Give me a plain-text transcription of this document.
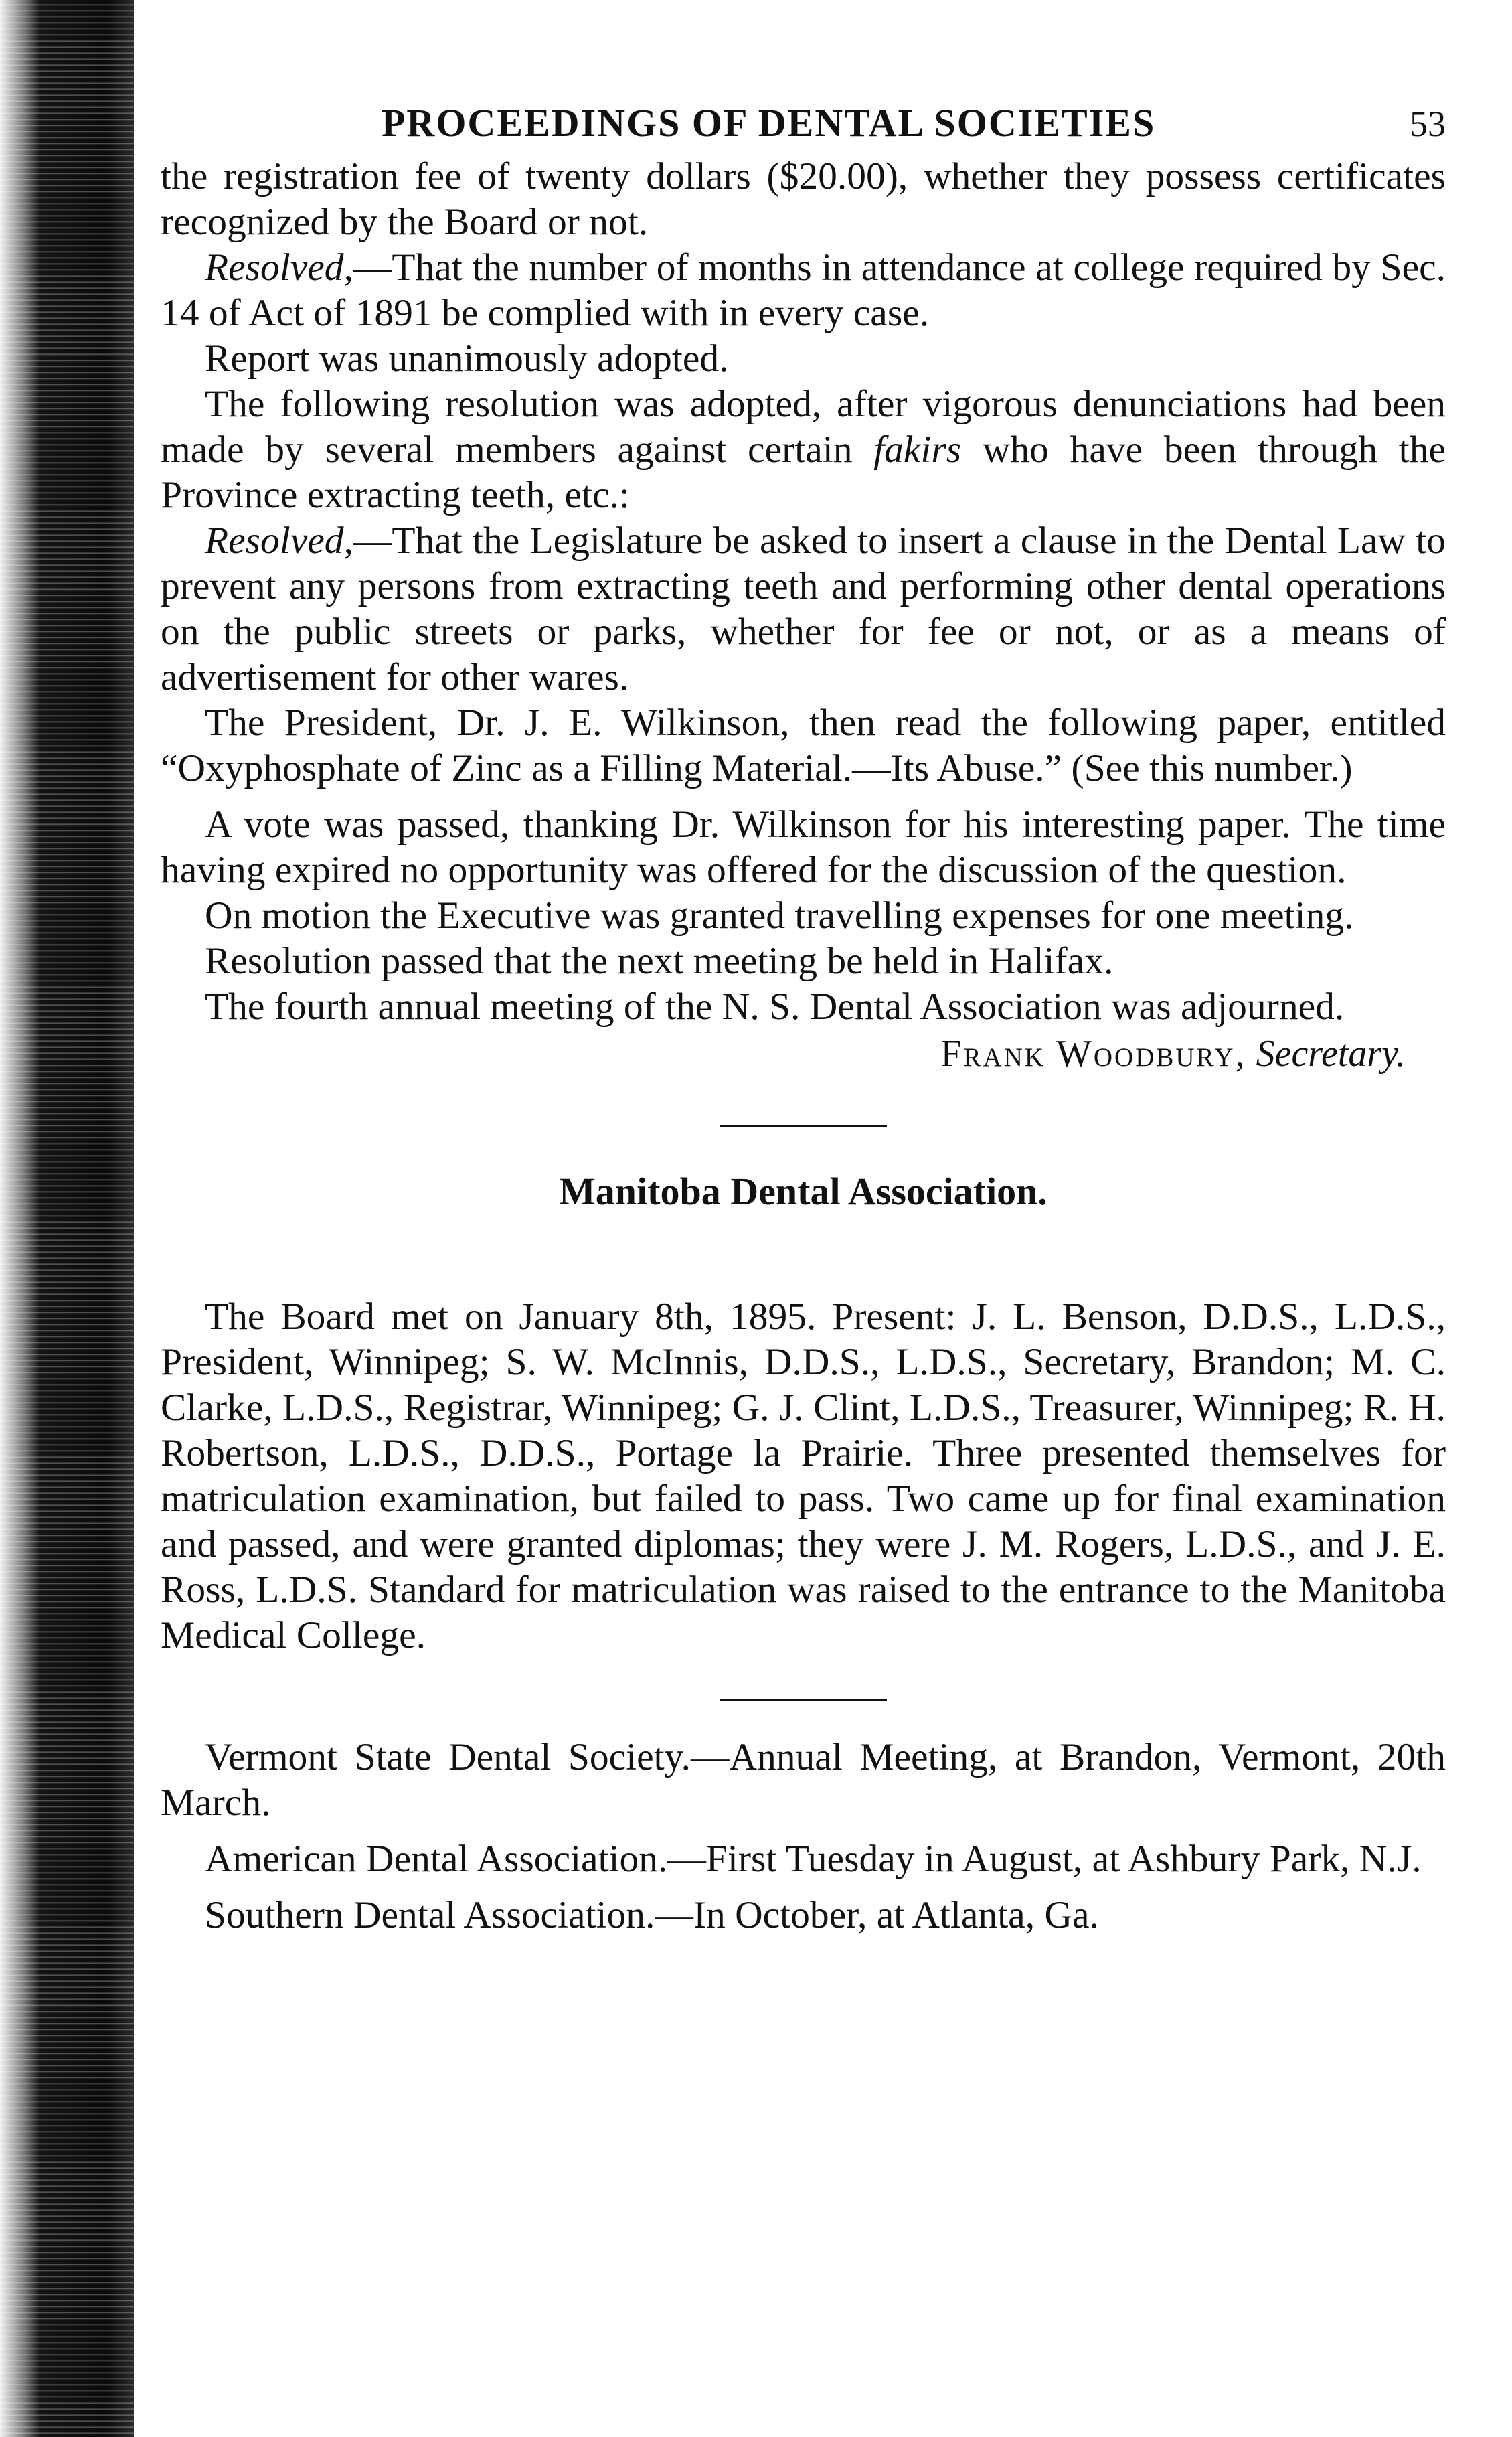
PROCEEDINGS OF DENTAL SOCIETIES	53

the registration fee of twenty dollars ($20.00), whether they possess certificates recognized by the Board or not.

Resolved,—That the number of months in attendance at college required by Sec. 14 of Act of 1891 be complied with in every case.

Report was unanimously adopted.

The following resolution was adopted, after vigorous denunciations had been made by several members against certain fakirs who have been through the Province extracting teeth, etc.:

Resolved,—That the Legislature be asked to insert a clause in the Dental Law to prevent any persons from extracting teeth and performing other dental operations on the public streets or parks, whether for fee or not, or as a means of advertisement for other wares.

The President, Dr. J. E. Wilkinson, then read the following paper, entitled “Oxyphosphate of Zinc as a Filling Material.—Its Abuse.” (See this number.)

A vote was passed, thanking Dr. Wilkinson for his interesting paper. The time having expired no opportunity was offered for the discussion of the question.

On motion the Executive was granted travelling expenses for one meeting.

Resolution passed that the next meeting be held in Halifax.

The fourth annual meeting of the N. S. Dental Association was adjourned.

Frank Woodbury, Secretary.

Manitoba Dental Association.

The Board met on January 8th, 1895. Present: J. L. Benson, D.D.S., L.D.S., President, Winnipeg; S. W. McInnis, D.D.S., L.D.S., Secretary, Brandon; M. C. Clarke, L.D.S., Registrar, Winnipeg; G. J. Clint, L.D.S., Treasurer, Winnipeg; R. H. Robertson, L.D.S., D.D.S., Portage la Prairie. Three presented themselves for matriculation examination, but failed to pass. Two came up for final examination and passed, and were granted diplomas; they were J. M. Rogers, L.D.S., and J. E. Ross, L.D.S. Standard for matriculation was raised to the entrance to the Manitoba Medical College.

Vermont State Dental Society.—Annual Meeting, at Brandon, Vermont, 20th March.

American Dental Association.—First Tuesday in August, at Ashbury Park, N.J.

Southern Dental Association.—In October, at Atlanta, Ga.
